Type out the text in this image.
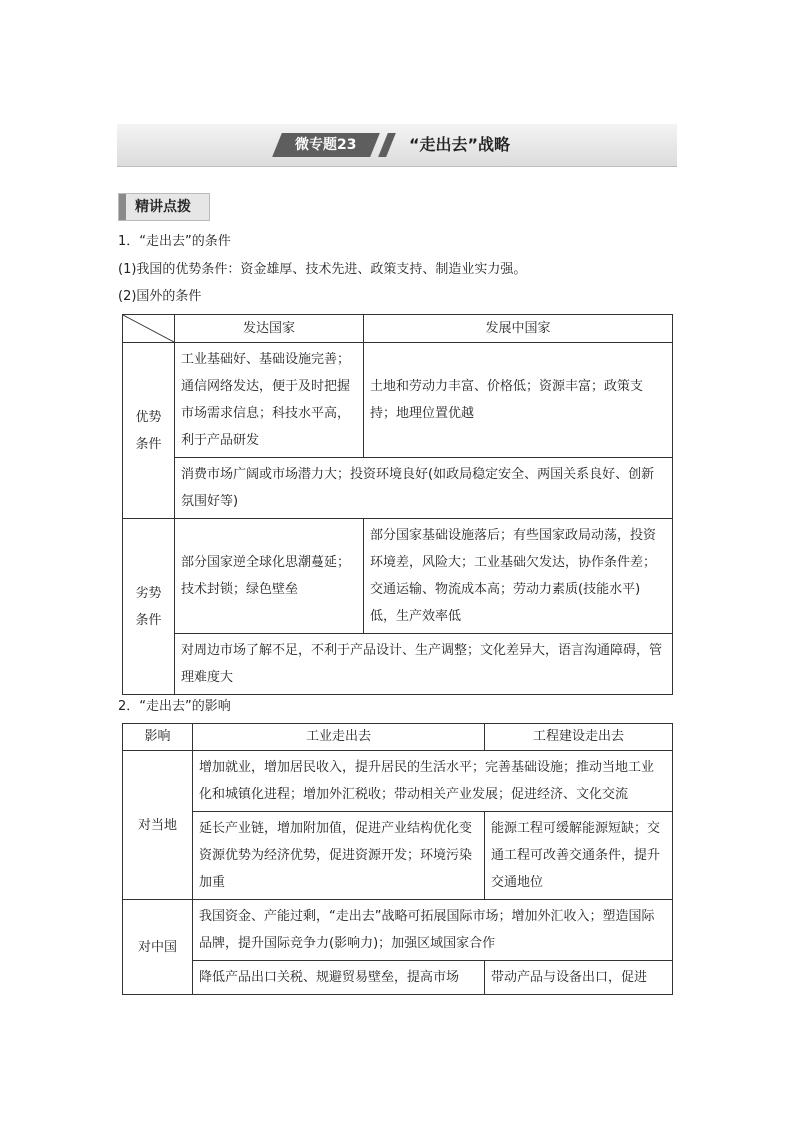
微专题23	“走出去”战略
精讲点拨
1．“走出去”的条件
(1)我国的优势条件：资金雄厚、技术先进、政策支持、制造业实力强。
(2)国外的条件
	发达国家	发展中国家
优势条件	工业基础好、基础设施完善；通信网络发达，便于及时把握市场需求信息；科技水平高，利于产品研发	土地和劳动力丰富、价格低；资源丰富；政策支持；地理位置优越
	消费市场广阔或市场潜力大；投资环境良好(如政局稳定安全、两国关系良好、创新氛围好等)	
劣势条件	部分国家逆全球化思潮蔓延；技术封锁；绿色壁垒	部分国家基础设施落后；有些国家政局动荡，投资环境差，风险大；工业基础欠发达，协作条件差；交通运输、物流成本高；劳动力素质(技能水平)低，生产效率低
	对周边市场了解不足，不利于产品设计、生产调整；文化差异大，语言沟通障碍，管理难度大	
2．“走出去”的影响
影响	工业走出去	工程建设走出去
对当地	增加就业，增加居民收入，提升居民的生活水平；完善基础设施；推动当地工业化和城镇化进程；增加外汇税收；带动相关产业发展；促进经济、文化交流	
	延长产业链，增加附加值，促进产业结构优化变资源优势为经济优势，促进资源开发；环境污染加重	能源工程可缓解能源短缺；交通工程可改善交通条件，提升交通地位
对中国	我国资金、产能过剩，“走出去”战略可拓展国际市场；增加外汇收入；塑造国际品牌，提升国际竞争力(影响力)；加强区域国家合作	
	降低产品出口关税、规避贸易壁垒，提高市场	带动产品与设备出口，促进
